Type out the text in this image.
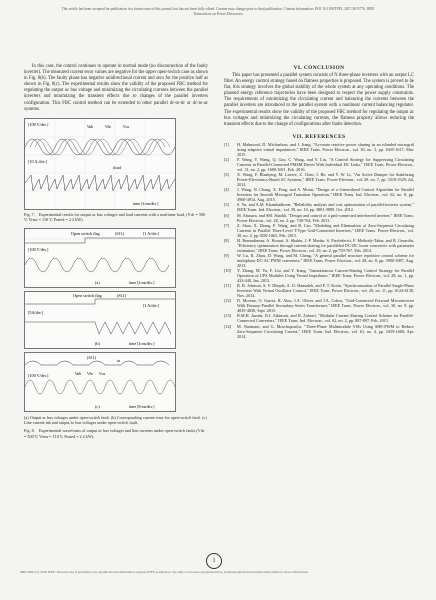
This article has been accepted for publication in a future issue of this journal, but has not been fully edited. Content may change prior to final publication. Citation information: DOI 10.1109/TPEL.2017.2676776, IEEE
Transactions on Power Electronics

In this case, the control continues to operate in normal mode (no disconnection of the faulty inverter). The measured current error values are negative for the upper open-switch case as shown in Fig. 8(b). The faulty phase has negative unidirectional current and zero for the positive half as shown in Fig. 8(c). The experimental results show the validity of the proposed FBC method for regulating the output ac bus voltage and minimizing the circulating currents between the parallel inverters and minimizing the transient effects due to changes of the parallel inverters configuration. This FBC control method can be extended to other parallel dc-to-dc or dc-to-ac systems.

[100 V/div.]
[10 A /div.]
Vab	Vbc	Vca
iload
time [4 ms/div.]

Fig. 7. Experimental results for output ac bus voltages and load currents with a nonlinear load, (Vdc = 500 V, Vrms = 110 V, Prated = 2.2 kW).

Open switch flag	(S11)	[1 A/div.]
[100 V/div.]
(a)	time [4 ms/div.]
[5A/div.]
Open switch flag	(S11)
[1 A/div.]
(b)	time [4 ms/div.]
(S11)
[100 V/div.]	Vab Vbc Vca
ia
(c)	time [8 ms/div.]

(a) Output ac bus voltages under open-switch fault. (b) Corresponding current error for open-switch fault. (c) Line current iab and output ac bus voltages under open-switch fault.

Fig. 8. Experimental waveforms of output ac bus voltages and line currents under open-switch faults (Vdc = 500 V, Vrms = 110 V, Prated = 2.2 kW).

VI. CONCLUSION

This paper has presented a parallel system consists of N three-phase inverters with an output LC filter. An energy control strategy based on flatness properties is proposed. The system is proved to be flat, this strategy involves the global stability of the whole system at any operating conditions. The planned energy reference trajectories have been designed to respect the power supply constraints. The requirements of minimizing the circulating current and balancing the currents between the parallel inverters are introduced to the parallel system with a nonlinear current balancing regulator. The experimental results show the validity of the proposed FBC method for regulating the output ac bus voltages and minimizing the circulating currents, the flatness property allows reducing the transient effects due to the change of configurations after faults detection.

VII. REFERENCES
[1] H. Mahmood, D. Michaelson, and J. Jiang, "Accurate reactive power sharing in an islanded microgrid using adaptive virtual impedances," IEEE Trans. Power Electron., vol. 30, no. 3, pp. 1605-1617, Mar. 2015.
[2] F. Wang, Y. Wang, Q. Gao, C. Wang, and Y. Liu, "A Control Strategy for Suppressing Circulating Currents in Parallel-Connected PMSM Drives With Individual DC Links," IEEE Trans. Power Electron., vol. 31, no. 2, pp. 1680-1691, Feb. 2016.
[3] X. Wang, F. Blaabjerg, M. Liserre, Z. Chen, J. He, and Y. W. Li, "An Active Damper for Stabilizing Power-Electronics-Based AC Systems," IEEE Trans. Power Electron., vol. 29, no. 7, pp. 3318-3329, Jul. 2014.
[4] J. Wang, N. Chang, X. Feng, and A. Monti, "Design of a Generalized Control Algorithm for Parallel Inverters for Smooth Microgrid Transition Operation," IEEE Trans. Ind. Electron., vol. 62, no. 8, pp. 4900-4914, Aug. 2015.
[5] S. Yu, and A.M. Khambadkone, "Reliability analysis and cost optimization of parallel-inverter system," IEEE Trans. Ind. Electron., vol. 59, no. 10, pp. 3881-3889, Oct. 2012.
[6] M. Abusara, and SM. Sharkh, "Design and control of a grid-connected interleaved inverter," IEEE Trans. Power Electron., vol. 28, no. 2, pp. 748-764, Feb. 2013.
[7] Z. Shao, X. Zhang, F. Wang, and R. Cao, "Modeling and Elimination of Zero-Sequence Circulating Currents in Parallel Three-Level T-Type Grid-Connected Inverters," IEEE Trans. Power Electron., vol. 30, no. 2, pp.1050-1063, Feb. 2015.
[8] H. Renaudineau, A. Houari, A. Shahin, J.-P. Martin, S. Pierfederici, F. Meibody-Tabar, and B. Gerardin, "Efficiency optimization through current-sharing for paralleled DC-DC boost converters with parameter estimation," IEEE Trans. Power Electron., vol. 29, no. 2, pp.759-767, Feb. 2014.
[9] W. Lu, K. Zhou, D. Wang, and M. Cheng, "A general parallel structure repetitive control scheme for multiphase DC-AC PWM converters," IEEE Trans. Power Electron., vol. 28, no. 8, pp. 3980-3987, Aug. 2013.
[10] Y. Zhang, M. Yu, F. Liu, and Y. Kang, "Instantaneous Current-Sharing Control Strategy for Parallel Operation of UPS Modules Using Virtual Impedance," IEEE Trans. Power Electron., vol. 28, no. 1, pp. 432-440, Jan. 2013.
[11] B. B. Johnson, S. V. Dhople, A. O. Hamadeh, and P. T. Krein, "Synchronization of Parallel Single-Phase Inverters With Virtual Oscillator Control," IEEE Trans. Power Electron., vol. 29, no. 11, pp. 6124-6138, Nov. 2014.
[12] D. Moreno, O. Garcia, R. Alou, J.A. Oliver, and J.A. Cobos, "Grid-Connected Forward Microinverter With Primary-Parallel Secondary-Series Transformer," IEEE Trans. Power Electron., vol. 30, no. 9, pp. 4819-4830, Sept. 2015.
[13] B.M.H. Jassim, D.J. Atkinson, and B. Zahawi, "Modular Current Sharing Control Scheme for Parallel-Connected Converters," IEEE Trans. Ind. Electron., vol. 62, no. 2, pp. 887-897, Feb. 2015.
[14] M. Narimani, and G. Moschopoulos, "Three-Phase Multimodule VSIs Using SHE-PWM to Reduce Zero-Sequence Circulating Current," IEEE Trans. Ind. Electron., vol. 61, no. 4, pp. 1659-1668, Apr. 2014.
1
0885-8993 (c) 2016 IEEE. Personal use is permitted, but republication/redistribution requires IEEE permission. See http://www.ieee.org/publications_standards/publications/rights/index.html for more information.
